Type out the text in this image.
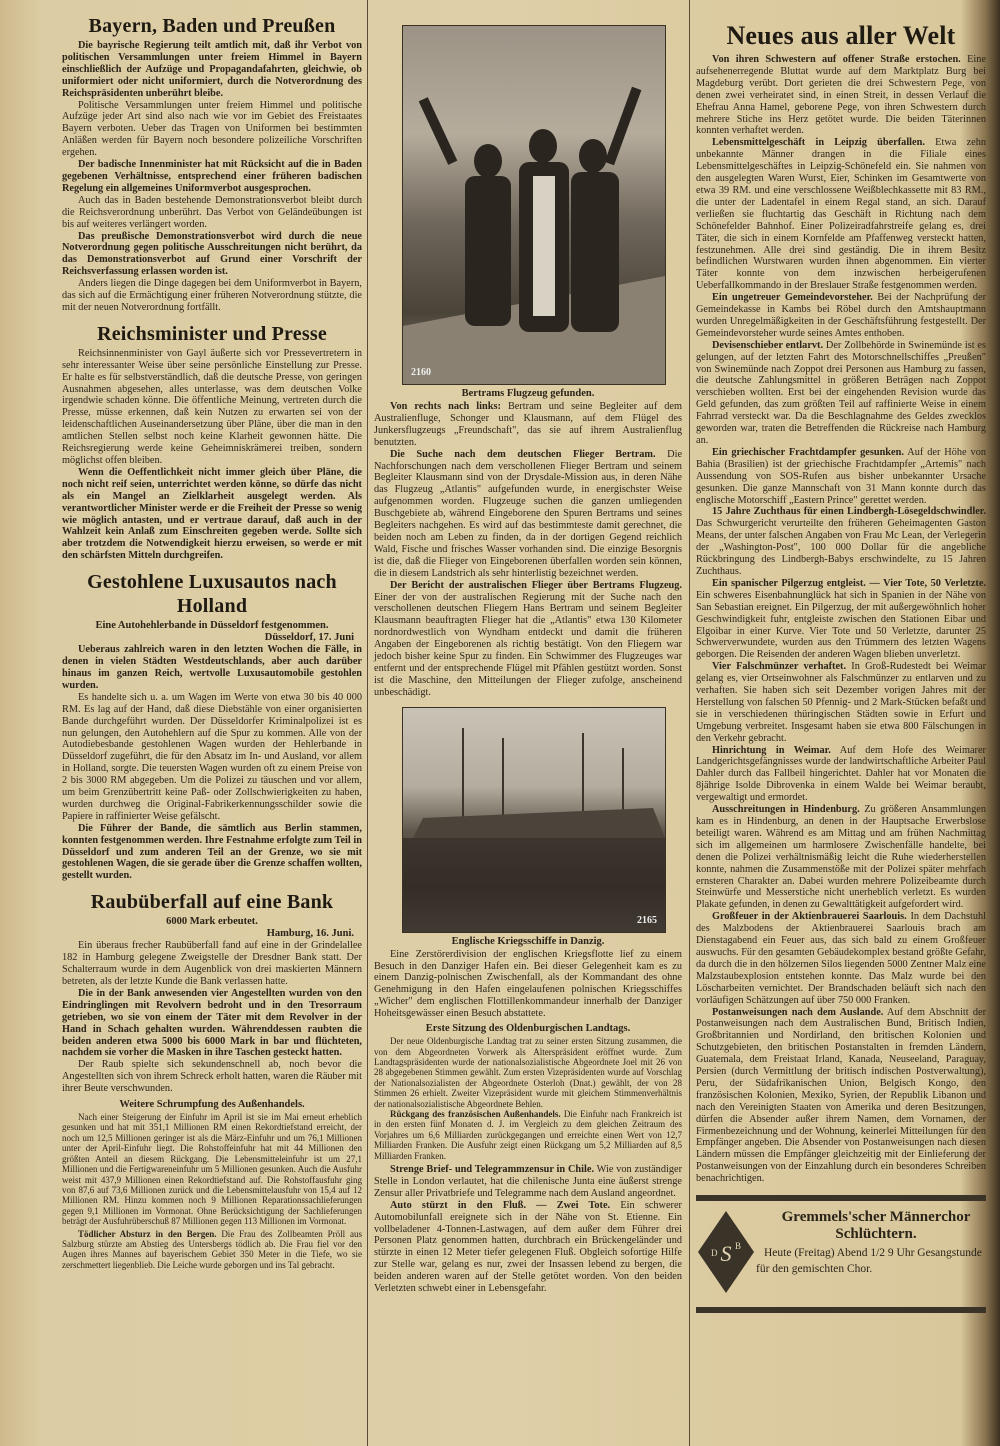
Bayern, Baden und Preußen

Die bayrische Regierung teilt amtlich mit, daß ihr Verbot von politischen Versammlungen unter freiem Himmel in Bayern einschließlich der Aufzüge und Propagandafahrten, gleichwie, ob uniformiert oder nicht uniformiert, durch die Notverordnung des Reichspräsidenten unberührt bleibe.

Politische Versammlungen unter freiem Himmel und politische Aufzüge jeder Art sind also nach wie vor im Gebiet des Freistaates Bayern verboten. Ueber das Tragen von Uniformen bei bestimmten Anläßen werden für Bayern noch besondere polizeiliche Vorschriften ergehen.

Der badische Innenminister hat mit Rücksicht auf die in Baden gegebenen Verhältnisse, entsprechend einer früheren badischen Regelung ein allgemeines Uniformverbot ausgesprochen.

Auch das in Baden bestehende Demonstrationsverbot bleibt durch die Reichsverordnung unberührt. Das Verbot von Geländeübungen ist bis auf weiteres verlängert worden.

Das preußische Demonstrationsverbot wird durch die neue Notverordnung gegen politische Ausschreitungen nicht berührt, da das Demonstrationsverbot auf Grund einer Vorschrift der Reichsverfassung erlassen worden ist.

Anders liegen die Dinge dagegen bei dem Uniformverbot in Bayern, das sich auf die Ermächtigung einer früheren Notverordnung stützte, die mit der neuen Notverordnung fortfällt.

Reichsminister und Presse

Reichsinnenminister von Gayl äußerte sich vor Pressevertretern in sehr interessanter Weise über seine persönliche Einstellung zur Presse. Er halte es für selbstverständlich, daß die deutsche Presse, von geringen Ausnahmen abgesehen, alles unterlasse, was dem deutschen Volke irgendwie schaden könne. Die öffentliche Meinung, vertreten durch die Presse, müsse erkennen, daß kein Nutzen zu erwarten sei von der leidenschaftlichen Auseinandersetzung über Pläne, über die man in den amtlichen Stellen selbst noch keine Klarheit gewonnen hätte. Die Reichsregierung werde keine Geheimniskrämerei treiben, sondern möglichst offen bleiben.

Wenn die Oeffentlichkeit nicht immer gleich über Pläne, die noch nicht reif seien, unterrichtet werden könne, so dürfe das nicht als ein Mangel an Zielklarheit ausgelegt werden. Als verantwortlicher Minister werde er die Freiheit der Presse so wenig wie möglich antasten, und er vertraue darauf, daß auch in der Wahlzeit kein Anlaß zum Einschreiten gegeben werde. Sollte sich aber trotzdem die Notwendigkeit hierzu erweisen, so werde er mit den schärfsten Mitteln durchgreifen.

Gestohlene Luxusautos nach Holland
Eine Autohehlerbande in Düsseldorf festgenommen.
Düsseldorf, 17. Juni

Ueberaus zahlreich waren in den letzten Wochen die Fälle, in denen in vielen Städten Westdeutschlands, aber auch darüber hinaus im ganzen Reich, wertvolle Luxusautomobile gestohlen wurden.

Es handelte sich u. a. um Wagen im Werte von etwa 30 bis 40 000 RM. Es lag auf der Hand, daß diese Diebstähle von einer organisierten Bande durchgeführt wurden. Der Düsseldorfer Kriminalpolizei ist es nun gelungen, den Autohehlern auf die Spur zu kommen. Alle von der Autodiebesbande gestohlenen Wagen wurden der Hehlerbande in Düsseldorf zugeführt, die für den Absatz im In- und Ausland, vor allem in Holland, sorgte. Die teuersten Wagen wurden oft zu einem Preise von 2 bis 3000 RM abgegeben. Um die Polizei zu täuschen und vor allem, um beim Grenzübertritt keine Paß- oder Zollschwierigkeiten zu haben, wurden durchweg die Original-Fabrikerkennungsschilder sowie die Papiere in raffinierter Weise gefälscht.

Die Führer der Bande, die sämtlich aus Berlin stammen, konnten festgenommen werden. Ihre Festnahme erfolgte zum Teil in Düsseldorf und zum anderen Teil an der Grenze, wo sie mit gestohlenen Wagen, die sie gerade über die Grenze schaffen wollten, gestellt wurden.

Raubüberfall auf eine Bank
6000 Mark erbeutet.
Hamburg, 16. Juni.

Ein überaus frecher Raubüberfall fand auf eine in der Grindelallee 182 in Hamburg gelegene Zweigstelle der Dresdner Bank statt. Der Schalterraum wurde in dem Augenblick von drei maskierten Männern betreten, als der letzte Kunde die Bank verlassen hatte.

Die in der Bank anwesenden vier Angestellten wurden von den Eindringlingen mit Revolvern bedroht und in den Tresorraum getrieben, wo sie von einem der Täter mit dem Revolver in der Hand in Schach gehalten wurden. Währenddessen raubten die beiden anderen etwa 5000 bis 6000 Mark in bar und flüchteten, nachdem sie vorher die Masken in ihre Taschen gesteckt hatten.

Der Raub spielte sich sekundenschnell ab, noch bevor die Angestellten sich von ihrem Schreck erholt hatten, waren die Räuber mit ihrer Beute verschwunden.

Weitere Schrumpfung des Außenhandels.

Nach einer Steigerung der Einfuhr im April ist sie im Mai erneut erheblich gesunken und hat mit 351,1 Millionen RM einen Rekordtiefstand erreicht, der noch um 12,5 Millionen geringer ist als die März-Einfuhr und um 76,1 Millionen unter der April-Einfuhr liegt. Die Rohstoffeinfuhr hat mit 44 Millionen den größten Anteil an diesem Rückgang. Die Lebensmitteleinfuhr ist um 27,1 Millionen und die Fertigwareneinfuhr um 5 Millionen gesunken. Auch die Ausfuhr weist mit 437,9 Millionen einen Rekordtiefstand auf. Die Rohstoffausfuhr ging von 87,6 auf 73,6 Millionen zurück und die Lebensmittelausfuhr von 15,4 auf 12 Millionen RM. Hinzu kommen noch 9 Millionen Reparationssachlieferungen gegen 9,1 Millionen im Vormonat. Ohne Berücksichtigung der Sachlieferungen beträgt der Ausfuhrüberschuß 87 Millionen gegen 113 Millionen im Vormonat.

Tödlicher Absturz in den Bergen. Die Frau des Zollbeamten Pröll aus Salzburg stürzte am Abstieg des Untersbergs tödlich ab. Die Frau fiel vor den Augen ihres Mannes auf bayerischem Gebiet 350 Meter in die Tiefe, wo sie zerschmettert liegenblieb. Die Leiche wurde geborgen und ins Tal gebracht.

2160
Bertrams Flugzeug gefunden.

Von rechts nach links: Bertram und seine Begleiter auf dem Australienfluge, Schonger und Klausmann, auf dem Flügel des Junkersflugzeugs „Freundschaft", das sie auf ihrem Australienflug benutzten.

Die Suche nach dem deutschen Flieger Bertram. Die Nachforschungen nach dem verschollenen Flieger Bertram und seinem Begleiter Klausmann sind von der Drysdale-Mission aus, in deren Nähe das Flugzeug „Atlantis" aufgefunden wurde, in energischster Weise aufgenommen worden. Flugzeuge suchen die ganzen umliegenden Buschgebiete ab, während Eingeborene den Spuren Bertrams und seines Begleiters nachgehen. Es wird auf das bestimmteste damit gerechnet, die beiden noch am Leben zu finden, da in der dortigen Gegend reichlich Wald, Fische und frisches Wasser vorhanden sind. Die einzige Besorgnis ist die, daß die Flieger von Eingeborenen überfallen worden sein können, die in diesem Landstrich als sehr hinterlistig bezeichnet werden.

Der Bericht der australischen Flieger über Bertrams Flugzeug. Einer der von der australischen Regierung mit der Suche nach den verschollenen deutschen Fliegern Hans Bertram und seinem Begleiter Klausmann beauftragten Flieger hat die „Atlantis" etwa 130 Kilometer nordnordwestlich von Wyndham entdeckt und damit die früheren Angaben der Eingeborenen als richtig bestätigt. Von den Fliegern war jedoch bisher keine Spur zu finden. Ein Schwimmer des Flugzeuges war entfernt und der entsprechende Flügel mit Pfählen gestützt worden. Sonst ist die Maschine, den Mitteilungen der Flieger zufolge, anscheinend unbeschädigt.

2165
Englische Kriegsschiffe in Danzig.

Eine Zerstörerdivision der englischen Kriegsflotte lief zu einem Besuch in den Danziger Hafen ein. Bei dieser Gelegenheit kam es zu einem Danzig-polnischen Zwischenfall, als der Kommandant des ohne Genehmigung in den Hafen eingelaufenen polnischen Kriegsschiffes „Wicher" dem englischen Flottillenkommandeur innerhalb der Danziger Hoheitsgewässer einen Besuch abstattete.

Erste Sitzung des Oldenburgischen Landtags.

Der neue Oldenburgische Landtag trat zu seiner ersten Sitzung zusammen, die von dem Abgeordneten Vorwerk als Alterspräsident eröffnet wurde. Zum Landtagspräsidenten wurde der nationalsozialistische Abgeordnete Joel mit 26 von 28 abgegebenen Stimmen gewählt. Zum ersten Vizepräsidenten wurde auf Vorschlag der Nationalsozialisten der Abgeordnete Osterloh (Dnat.) gewählt, der von 28 Stimmen 26 erhielt. Zweiter Vizepräsident wurde mit gleichem Stimmenverhältnis der nationalsozialistische Abgeordnete Behlen.

Rückgang des französischen Außenhandels. Die Einfuhr nach Frankreich ist in den ersten fünf Monaten d. J. im Vergleich zu dem gleichen Zeitraum des Vorjahres um 6,6 Milliarden zurückgegangen und erreichte einen Wert von 12,7 Milliarden Franken. Die Ausfuhr zeigt einen Rückgang um 5,2 Milliarden auf 8,5 Milliarden Franken.

Strenge Brief- und Telegrammzensur in Chile. Wie von zuständiger Stelle in London verlautet, hat die chilenische Junta eine äußerst strenge Zensur aller Privatbriefe und Telegramme nach dem Ausland angeordnet.

Auto stürzt in den Fluß. — Zwei Tote. Ein schwerer Automobilunfall ereignete sich in der Nähe von St. Etienne. Ein vollbeladener 4-Tonnen-Lastwagen, auf dem außer dem Führer drei Personen Platz genommen hatten, durchbrach ein Brückengeländer und stürzte in einen 12 Meter tiefer gelegenen Fluß. Obgleich sofortige Hilfe zur Stelle war, gelang es nur, zwei der Insassen lebend zu bergen, die beiden anderen waren auf der Stelle getötet worden. Von den beiden Verletzten schwebt einer in Lebensgefahr.

Neues aus aller Welt

Von ihren Schwestern auf offener Straße erstochen. Eine aufsehenerregende Bluttat wurde auf dem Marktplatz Burg bei Magdeburg verübt. Dort gerieten die drei Schwestern Pege, von denen zwei verheiratet sind, in einen Streit, in dessen Verlauf die Ehefrau Anna Hamel, geborene Pege, von ihren Schwestern durch mehrere Stiche ins Herz getötet wurde. Die beiden Täterinnen konnten verhaftet werden.

Lebensmittelgeschäft in Leipzig überfallen. Etwa zehn unbekannte Männer drangen in die Filiale eines Lebensmittelgeschäftes in Leipzig-Schönefeld ein. Sie nahmen von den ausgelegten Waren Wurst, Eier, Schinken im Gesamtwerte von etwa 39 RM. und eine verschlossene Weißblechkassette mit 83 RM., die unter der Ladentafel in einem Regal stand, an sich. Darauf verließen sie fluchtartig das Geschäft in Richtung nach dem Schönefelder Bahnhof. Einer Polizeiradfahrstreife gelang es, drei Täter, die sich in einem Kornfelde am Pfaffenweg versteckt hatten, festzunehmen. Alle drei sind geständig. Die in ihrem Besitz befindlichen Wurstwaren wurden ihnen abgenommen. Ein vierter Täter konnte von dem inzwischen herbeigerufenen Ueberfallkommando in der Breslauer Straße festgenommen werden.

Ein ungetreuer Gemeindevorsteher. Bei der Nachprüfung der Gemeindekasse in Kambs bei Röbel durch den Amtshauptmann wurden Unregelmäßigkeiten in der Geschäftsführung festgestellt. Der Gemeindevorsteher wurde seines Amtes enthoben.

Devisenschieber entlarvt. Der Zollbehörde in Swinemünde ist es gelungen, auf der letzten Fahrt des Motorschnellschiffes „Preußen" von Swinemünde nach Zoppot drei Personen aus Hamburg zu fassen, die deutsche Zahlungsmittel in größeren Beträgen nach Zoppot verschieben wollten. Erst bei der eingehenden Revision wurde das Geld gefunden, das zum größten Teil auf raffinierte Weise in einem Fahrrad versteckt war. Da die Beschlagnahme des Geldes zwecklos geworden war, traten die Betreffenden die Rückreise nach Hamburg an.

Ein griechischer Frachtdampfer gesunken. Auf der Höhe von Bahia (Brasilien) ist der griechische Frachtdampfer „Artemis" nach Aussendung von SOS-Rufen aus bisher unbekannter Ursache gesunken. Die ganze Mannschaft von 31 Mann konnte durch das englische Motorschiff „Eastern Prince" gerettet werden.

15 Jahre Zuchthaus für einen Lindbergh-Lösegeldschwindler. Das Schwurgericht verurteilte den früheren Geheimagenten Gaston Means, der unter falschen Angaben von Frau Mc Lean, der Verlegerin der „Washington-Post", 100 000 Dollar für die angebliche Rückbringung des Lindbergh-Babys erschwindelte, zu 15 Jahren Zuchthaus.

Ein spanischer Pilgerzug entgleist. — Vier Tote, 50 Verletzte. Ein schweres Eisenbahnunglück hat sich in Spanien in der Nähe von San Sebastian ereignet. Ein Pilgerzug, der mit außergewöhnlich hoher Geschwindigkeit fuhr, entgleiste zwischen den Stationen Eibar und Elgoibar in einer Kurve. Vier Tote und 50 Verletzte, darunter 25 Schwerverwundete, wurden aus den Trümmern des letzten Wagens geborgen. Die Reisenden der anderen Wagen blieben unverletzt.

Vier Falschmünzer verhaftet. In Groß-Rudestedt bei Weimar gelang es, vier Ortseinwohner als Falschmünzer zu entlarven und zu verhaften. Sie haben sich seit Dezember vorigen Jahres mit der Herstellung von falschen 50 Pfennig- und 2 Mark-Stücken befaßt und sie in verschiedenen thüringischen Städten sowie in Erfurt und Umgebung verbreitet. Insgesamt haben sie etwa 800 Fälschungen in den Verkehr gebracht.

Hinrichtung in Weimar. Auf dem Hofe des Weimarer Landgerichtsgefängnisses wurde der landwirtschaftliche Arbeiter Paul Dahler durch das Fallbeil hingerichtet. Dahler hat vor Monaten die 8jährige Isolde Dibrovenka in einem Walde bei Weimar beraubt, vergewaltigt und ermordet.

Ausschreitungen in Hindenburg. Zu größeren Ansammlungen kam es in Hindenburg, an denen in der Hauptsache Erwerbslose beteiligt waren. Während es am Mittag und am frühen Nachmittag sich im allgemeinen um harmlosere Zwischenfälle handelte, bei denen die Polizei verhältnismäßig leicht die Ruhe wiederherstellen konnte, nahmen die Zusammenstöße mit der Polizei später mehrfach ernsteren Charakter an. Dabei wurden mehrere Polizeibeamte durch Steinwürfe und Messerstiche nicht unerheblich verletzt. Es wurden Plakate gefunden, in denen zu Gewalttätigkeit aufgefordert wird.

Großfeuer in der Aktienbrauerei Saarlouis. In dem Dachstuhl des Malzbodens der Aktienbrauerei Saarlouis brach am Dienstagabend ein Feuer aus, das sich bald zu einem Großfeuer auswuchs. Für den gesamten Gebäudekomplex bestand größte Gefahr, da durch die in den hölzernen Silos liegenden 5000 Zentner Malz eine Malzstaubexplosion entstehen konnte. Das Malz wurde bei den Löscharbeiten vernichtet. Der Brandschaden beläuft sich nach den vorläufigen Schätzungen auf über 750 000 Franken.

Postanweisungen nach dem Auslande. Auf dem Abschnitt der Postanweisungen nach dem Australischen Bund, Britisch Indien, Großbritannien und Nordirland, den britischen Kolonien und Schutzgebieten, den britischen Postanstalten in fremden Ländern, Guatemala, dem Freistaat Irland, Kanada, Neuseeland, Paraguay, Persien (durch Vermittlung der britisch indischen Postverwaltung), Peru, der Südafrikanischen Union, Belgisch Kongo, den französischen Kolonien, Mexiko, Syrien, der Republik Libanon und nach den Vereinigten Staaten von Amerika und deren Besitzungen, dürfen die Absender außer ihrem Namen, dem Vornamen, der Firmenbezeichnung und der Wohnung, keinerlei Mitteilungen für den Empfänger angeben. Die Absender von Postanweisungen nach diesen Ländern müssen die Empfänger gleichzeitig mit der Einlieferung der Postanweisungen von der Einzahlung durch ein besonderes Schreiben benachrichtigen.

S
D
B
Gremmels'scher Männerchor
Schlüchtern.
Heute (Freitag) Abend 1/2 9 Uhr Gesangstunde
für den gemischten Chor.
